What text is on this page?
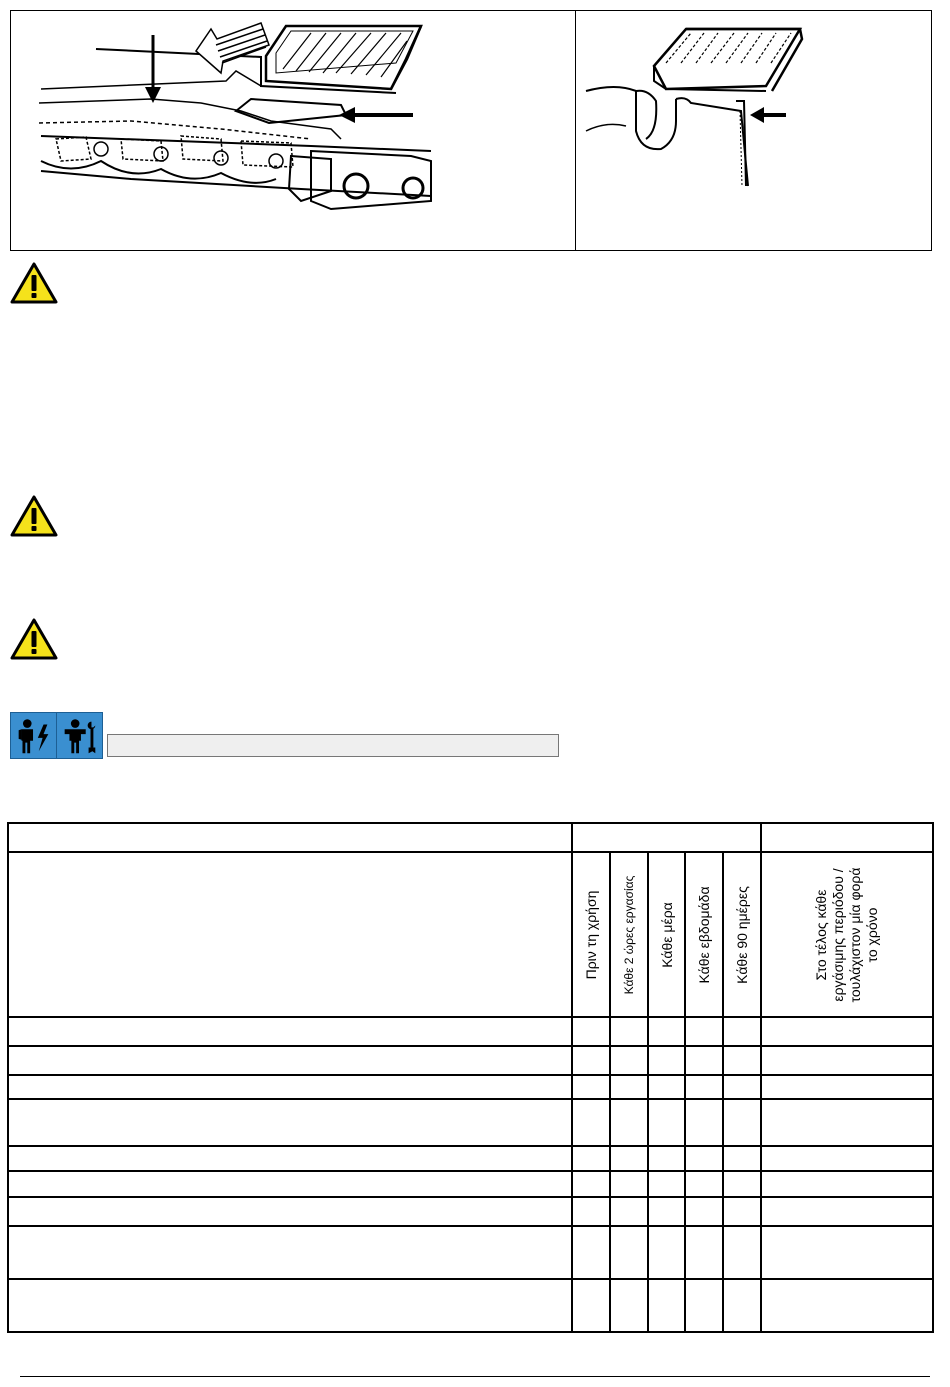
	Πριν τη χρήση	Κάθε 2 ώρες εργασίας	Κάθε μέρα	Κάθε εβδομάδα	Κάθε 90 ημέρες	Στο τέλος κάθε εργάσιμης περιόδου / τουλάχιστον μία φορά το χρόνο
